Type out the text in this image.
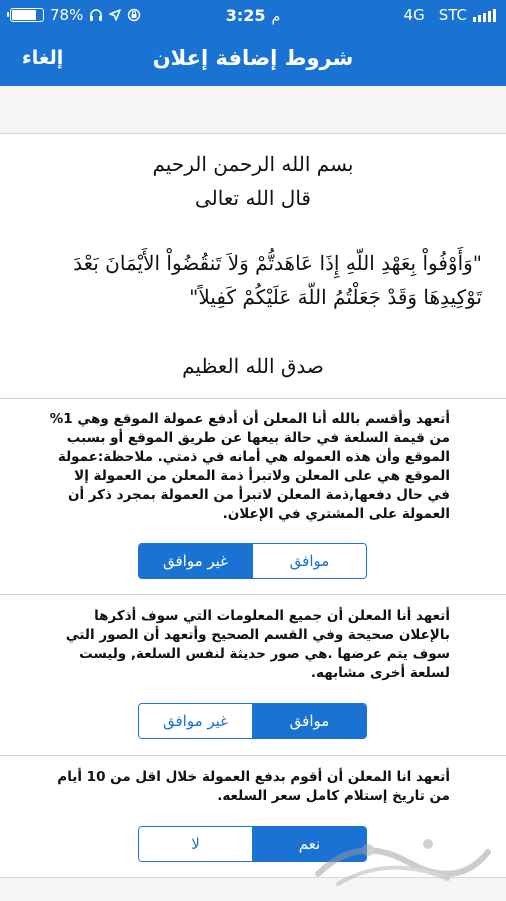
78%	3:25 م	4G STC
شروط إضافة إعلان
إلغاء
بسم الله الرحمن الرحيم
قال الله تعالى
"وَأَوْفُواْ بِعَهْدِ اللّهِ إِذَا عَاهَدتُّمْ وَلاَ تَنقُضُواْ الأَيْمَانَ بَعْدَ تَوْكِيدِهَا وَقَدْ جَعَلْتُمُ اللّهَ عَلَيْكُمْ كَفِيلاً"
صدق الله العظيم
أتعهد وأقسم بالله أنا المعلن أن أدفع عمولة الموقع وهي 1% من قيمة السلعة في حالة بيعها عن طريق الموقع أو بسبب الموقع وأن هذه العموله هي أمانه في ذمتي. ملاحظة:عمولة الموقع هي على المعلن ولاتبرأ ذمة المعلن من العمولة إلا في حال دفعها,ذمة المعلن لاتبرأ من العمولة بمجرد ذكر أن العمولة على المشتري في الإعلان.
غير موافق	موافق
أتعهد أنا المعلن أن جميع المعلومات التي سوف أذكرها بالإعلان صحيحة وفي القسم الصحيح وأتعهد أن الصور التي سوف يتم عرضها .هي صور حديثة لنفس السلعة, وليست لسلعة أخرى مشابهه.
غير موافق	موافق
أتعهد انا المعلن أن أقوم بدفع العمولة خلال اقل من 10 أيام من تاريخ إستلام كامل سعر السلعه.
لا	نعم
